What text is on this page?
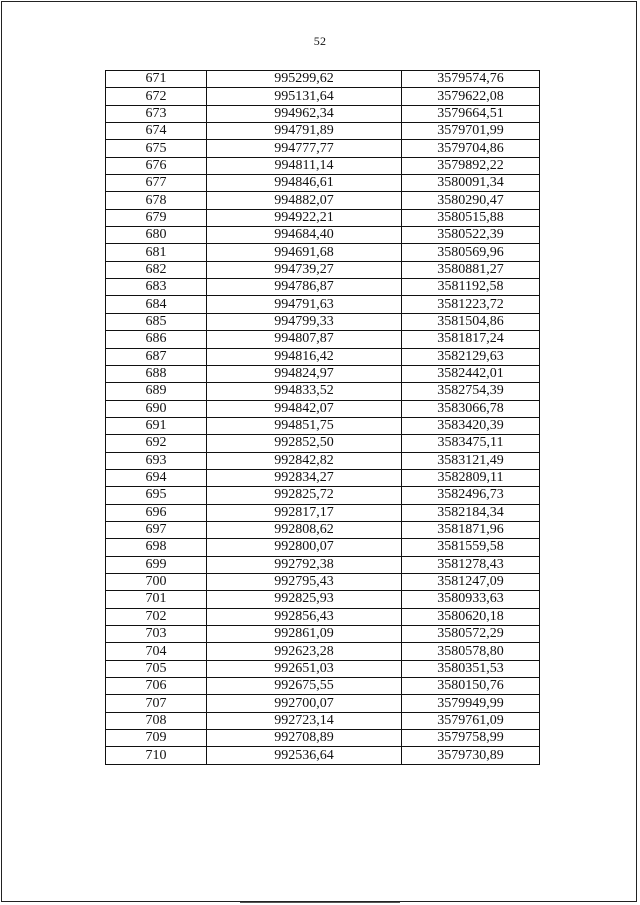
52
671	995299,62	3579574,76
672	995131,64	3579622,08
673	994962,34	3579664,51
674	994791,89	3579701,99
675	994777,77	3579704,86
676	994811,14	3579892,22
677	994846,61	3580091,34
678	994882,07	3580290,47
679	994922,21	3580515,88
680	994684,40	3580522,39
681	994691,68	3580569,96
682	994739,27	3580881,27
683	994786,87	3581192,58
684	994791,63	3581223,72
685	994799,33	3581504,86
686	994807,87	3581817,24
687	994816,42	3582129,63
688	994824,97	3582442,01
689	994833,52	3582754,39
690	994842,07	3583066,78
691	994851,75	3583420,39
692	992852,50	3583475,11
693	992842,82	3583121,49
694	992834,27	3582809,11
695	992825,72	3582496,73
696	992817,17	3582184,34
697	992808,62	3581871,96
698	992800,07	3581559,58
699	992792,38	3581278,43
700	992795,43	3581247,09
701	992825,93	3580933,63
702	992856,43	3580620,18
703	992861,09	3580572,29
704	992623,28	3580578,80
705	992651,03	3580351,53
706	992675,55	3580150,76
707	992700,07	3579949,99
708	992723,14	3579761,09
709	992708,89	3579758,99
710	992536,64	3579730,89
